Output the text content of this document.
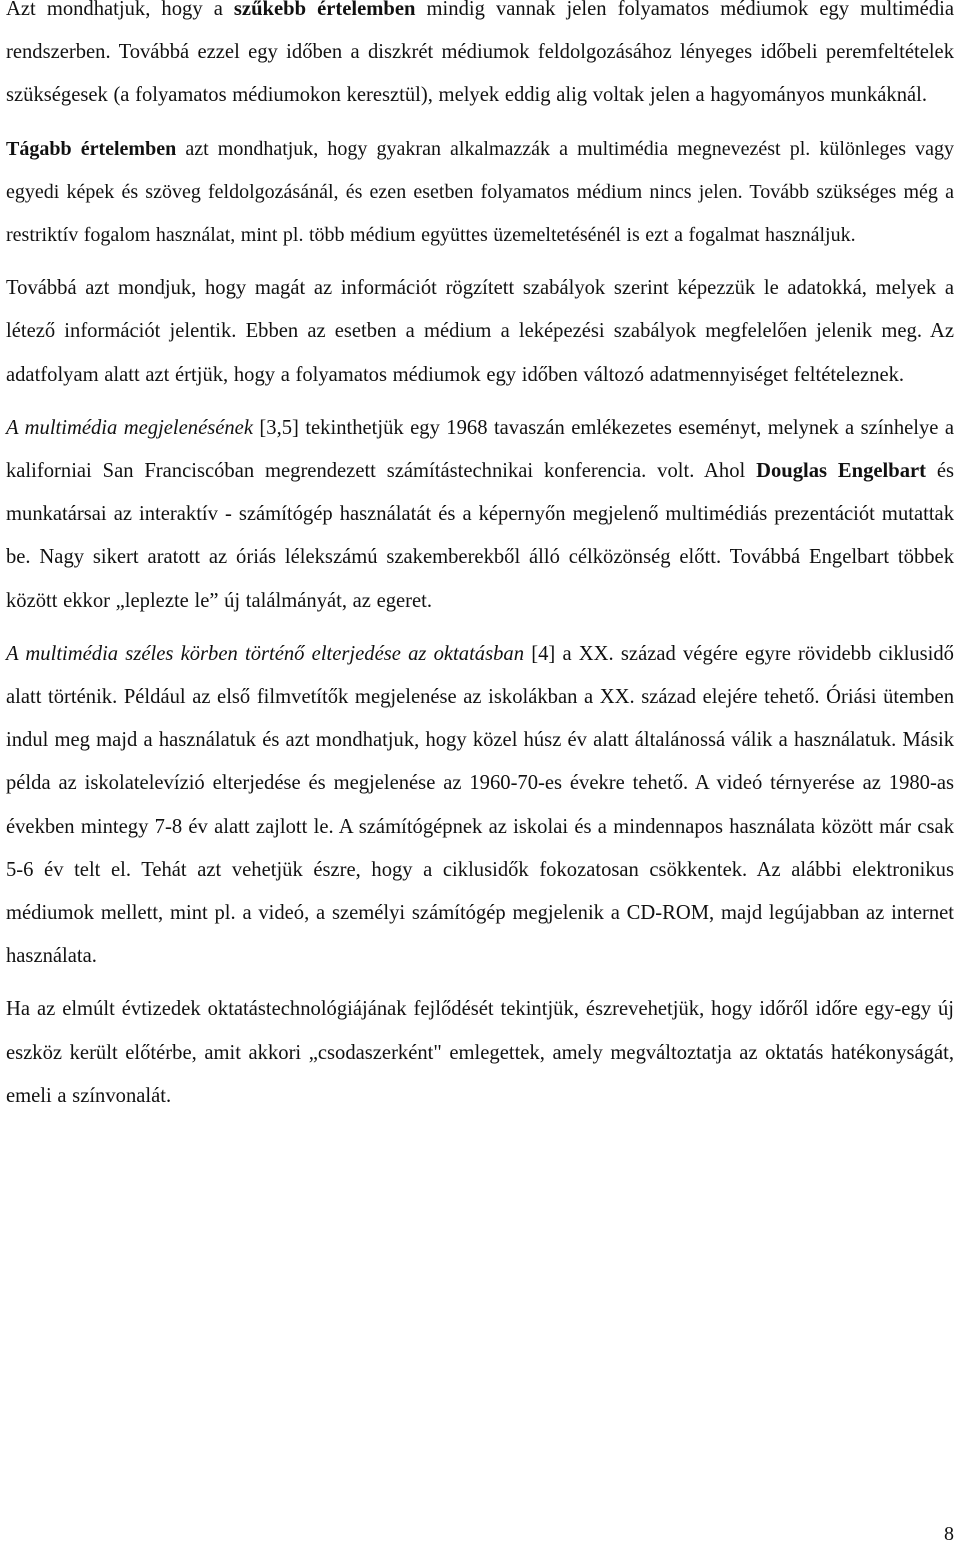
Azt mondhatjuk, hogy a szűkebb értelemben mindig vannak jelen folyamatos médiumok egy multimédia rendszerben. Továbbá ezzel egy időben a diszkrét médiumok feldolgozásához lényeges időbeli peremfeltételek szükségesek (a folyamatos médiumokon keresztül), melyek eddig alig voltak jelen a hagyományos munkáknál.

Tágabb értelemben azt mondhatjuk, hogy gyakran alkalmazzák a multimédia megnevezést pl. különleges vagy egyedi képek és szöveg feldolgozásánál, és ezen esetben folyamatos médium nincs jelen. Tovább szükséges még a restriktív fogalom használat, mint pl. több médium együttes üzemeltetésénél is ezt a fogalmat használjuk.

Továbbá azt mondjuk, hogy magát az információt rögzített szabályok szerint képezzük le adatokká, melyek a létező információt jelentik. Ebben az esetben a médium a leképezési szabályok megfelelően jelenik meg. Az adatfolyam alatt azt értjük, hogy a folyamatos médiumok egy időben változó adatmennyiséget feltételeznek.

A multimédia megjelenésének [3,5] tekinthetjük egy 1968 tavaszán emlékezetes eseményt, melynek a színhelye a kaliforniai San Franciscóban megrendezett számítástechnikai konferencia. volt. Ahol Douglas Engelbart és munkatársai az interaktív - számítógép használatát és a képernyőn megjelenő multimédiás prezentációt mutattak be. Nagy sikert aratott az óriás lélekszámú szakemberekből álló célközönség előtt. Továbbá Engelbart többek között ekkor „leplezte le” új találmányát, az egeret.

A multimédia széles körben történő elterjedése az oktatásban [4] a XX. század végére egyre rövidebb ciklusidő alatt történik. Például az első filmvetítők megjelenése az iskolákban a XX. század elejére tehető. Óriási ütemben indul meg majd a használatuk és azt mondhatjuk, hogy közel húsz év alatt általánossá válik a használatuk. Másik példa az iskolatelevízió elterjedése és megjelenése az 1960-70-es évekre tehető. A videó térnyerése az 1980-as években mintegy 7-8 év alatt zajlott le. A számítógépnek az iskolai és a mindennapos használata között már csak 5-6 év telt el. Tehát azt vehetjük észre, hogy a ciklusidők fokozatosan csökkentek. Az alábbi elektronikus médiumok mellett, mint pl. a videó, a személyi számítógép megjelenik a CD-ROM, majd legújabban az internet használata.

Ha az elmúlt évtizedek oktatástechnológiájának fejlődését tekintjük, észrevehetjük, hogy időről időre egy-egy új eszköz került előtérbe, amit akkori „csodaszerként" emlegettek, amely megváltoztatja az oktatás hatékonyságát, emeli a színvonalát.

8
